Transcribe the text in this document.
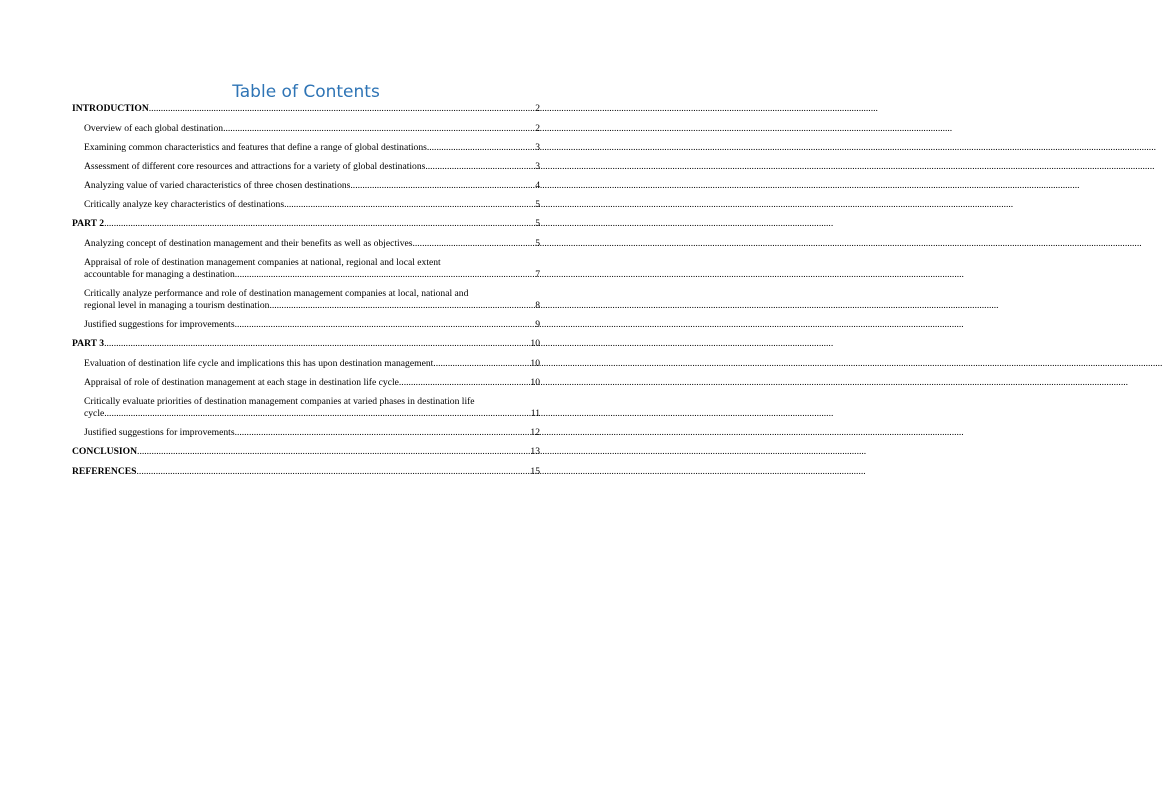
Table of Contents
INTRODUCTION .....	2
Overview of each global destination .....	2
Examining common characteristics and features that define a range of global destinations .....	3
Assessment of different core resources and attractions for a variety of global destinations .....	3
Analyzing value of varied characteristics of three chosen destinations .....	4
Critically analyze key characteristics of destinations .....	5
PART 2 .....	5
Analyzing concept of destination management and their benefits as well as objectives .....	5
Appraisal of role of destination management companies at national, regional and local extent
accountable for managing a destination .....	7
Critically analyze performance and role of destination management companies at local, national and
regional level in managing a tourism destination .....	8
Justified suggestions for improvements .....	9
PART 3 .....	10
Evaluation of destination life cycle and implications this has upon destination management .....	10
Appraisal of role of destination management at each stage in destination life cycle .....	10
Critically evaluate priorities of destination management companies at varied phases in destination life
cycle .....	11
Justified suggestions for improvements .....	12
CONCLUSION .....	13
REFERENCES .....	15
